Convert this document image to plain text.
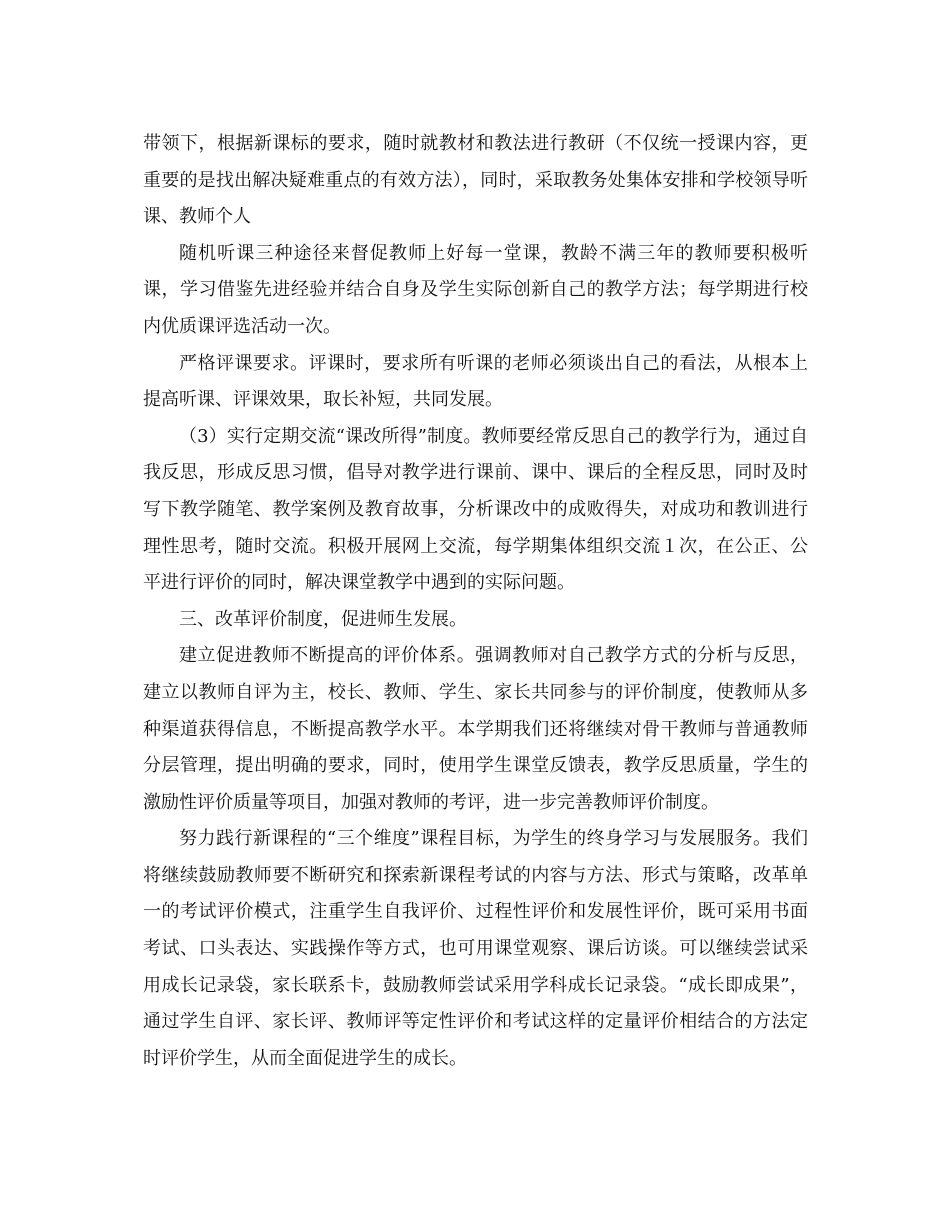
带领下，根据新课标的要求，随时就教材和教法进行教研（不仅统一授课内容，更重要的是找出解决疑难重点的有效方法），同时，采取教务处集体安排和学校领导听课、教师个人

随机听课三种途径来督促教师上好每一堂课，教龄不满三年的教师要积极听课，学习借鉴先进经验并结合自身及学生实际创新自己的教学方法；每学期进行校内优质课评选活动一次。

严格评课要求。评课时，要求所有听课的老师必须谈出自己的看法，从根本上提高听课、评课效果，取长补短，共同发展。

（3）实行定期交流“课改所得”制度。教师要经常反思自己的教学行为，通过自我反思，形成反思习惯，倡导对教学进行课前、课中、课后的全程反思，同时及时写下教学随笔、教学案例及教育故事，分析课改中的成败得失，对成功和教训进行理性思考，随时交流。积极开展网上交流，每学期集体组织交流１次，在公正、公平进行评价的同时，解决课堂教学中遇到的实际问题。

三、改革评价制度，促进师生发展。

建立促进教师不断提高的评价体系。强调教师对自己教学方式的分析与反思，建立以教师自评为主，校长、教师、学生、家长共同参与的评价制度，使教师从多种渠道获得信息，不断提高教学水平。本学期我们还将继续对骨干教师与普通教师分层管理，提出明确的要求，同时，使用学生课堂反馈表，教学反思质量，学生的激励性评价质量等项目，加强对教师的考评，进一步完善教师评价制度。

努力践行新课程的“三个维度”课程目标，为学生的终身学习与发展服务。我们将继续鼓励教师要不断研究和探索新课程考试的内容与方法、形式与策略，改革单一的考试评价模式，注重学生自我评价、过程性评价和发展性评价，既可采用书面考试、口头表达、实践操作等方式，也可用课堂观察、课后访谈。可以继续尝试采用成长记录袋，家长联系卡，鼓励教师尝试采用学科成长记录袋。“成长即成果”，通过学生自评、家长评、教师评等定性评价和考试这样的定量评价相结合的方法定时评价学生，从而全面促进学生的成长。
